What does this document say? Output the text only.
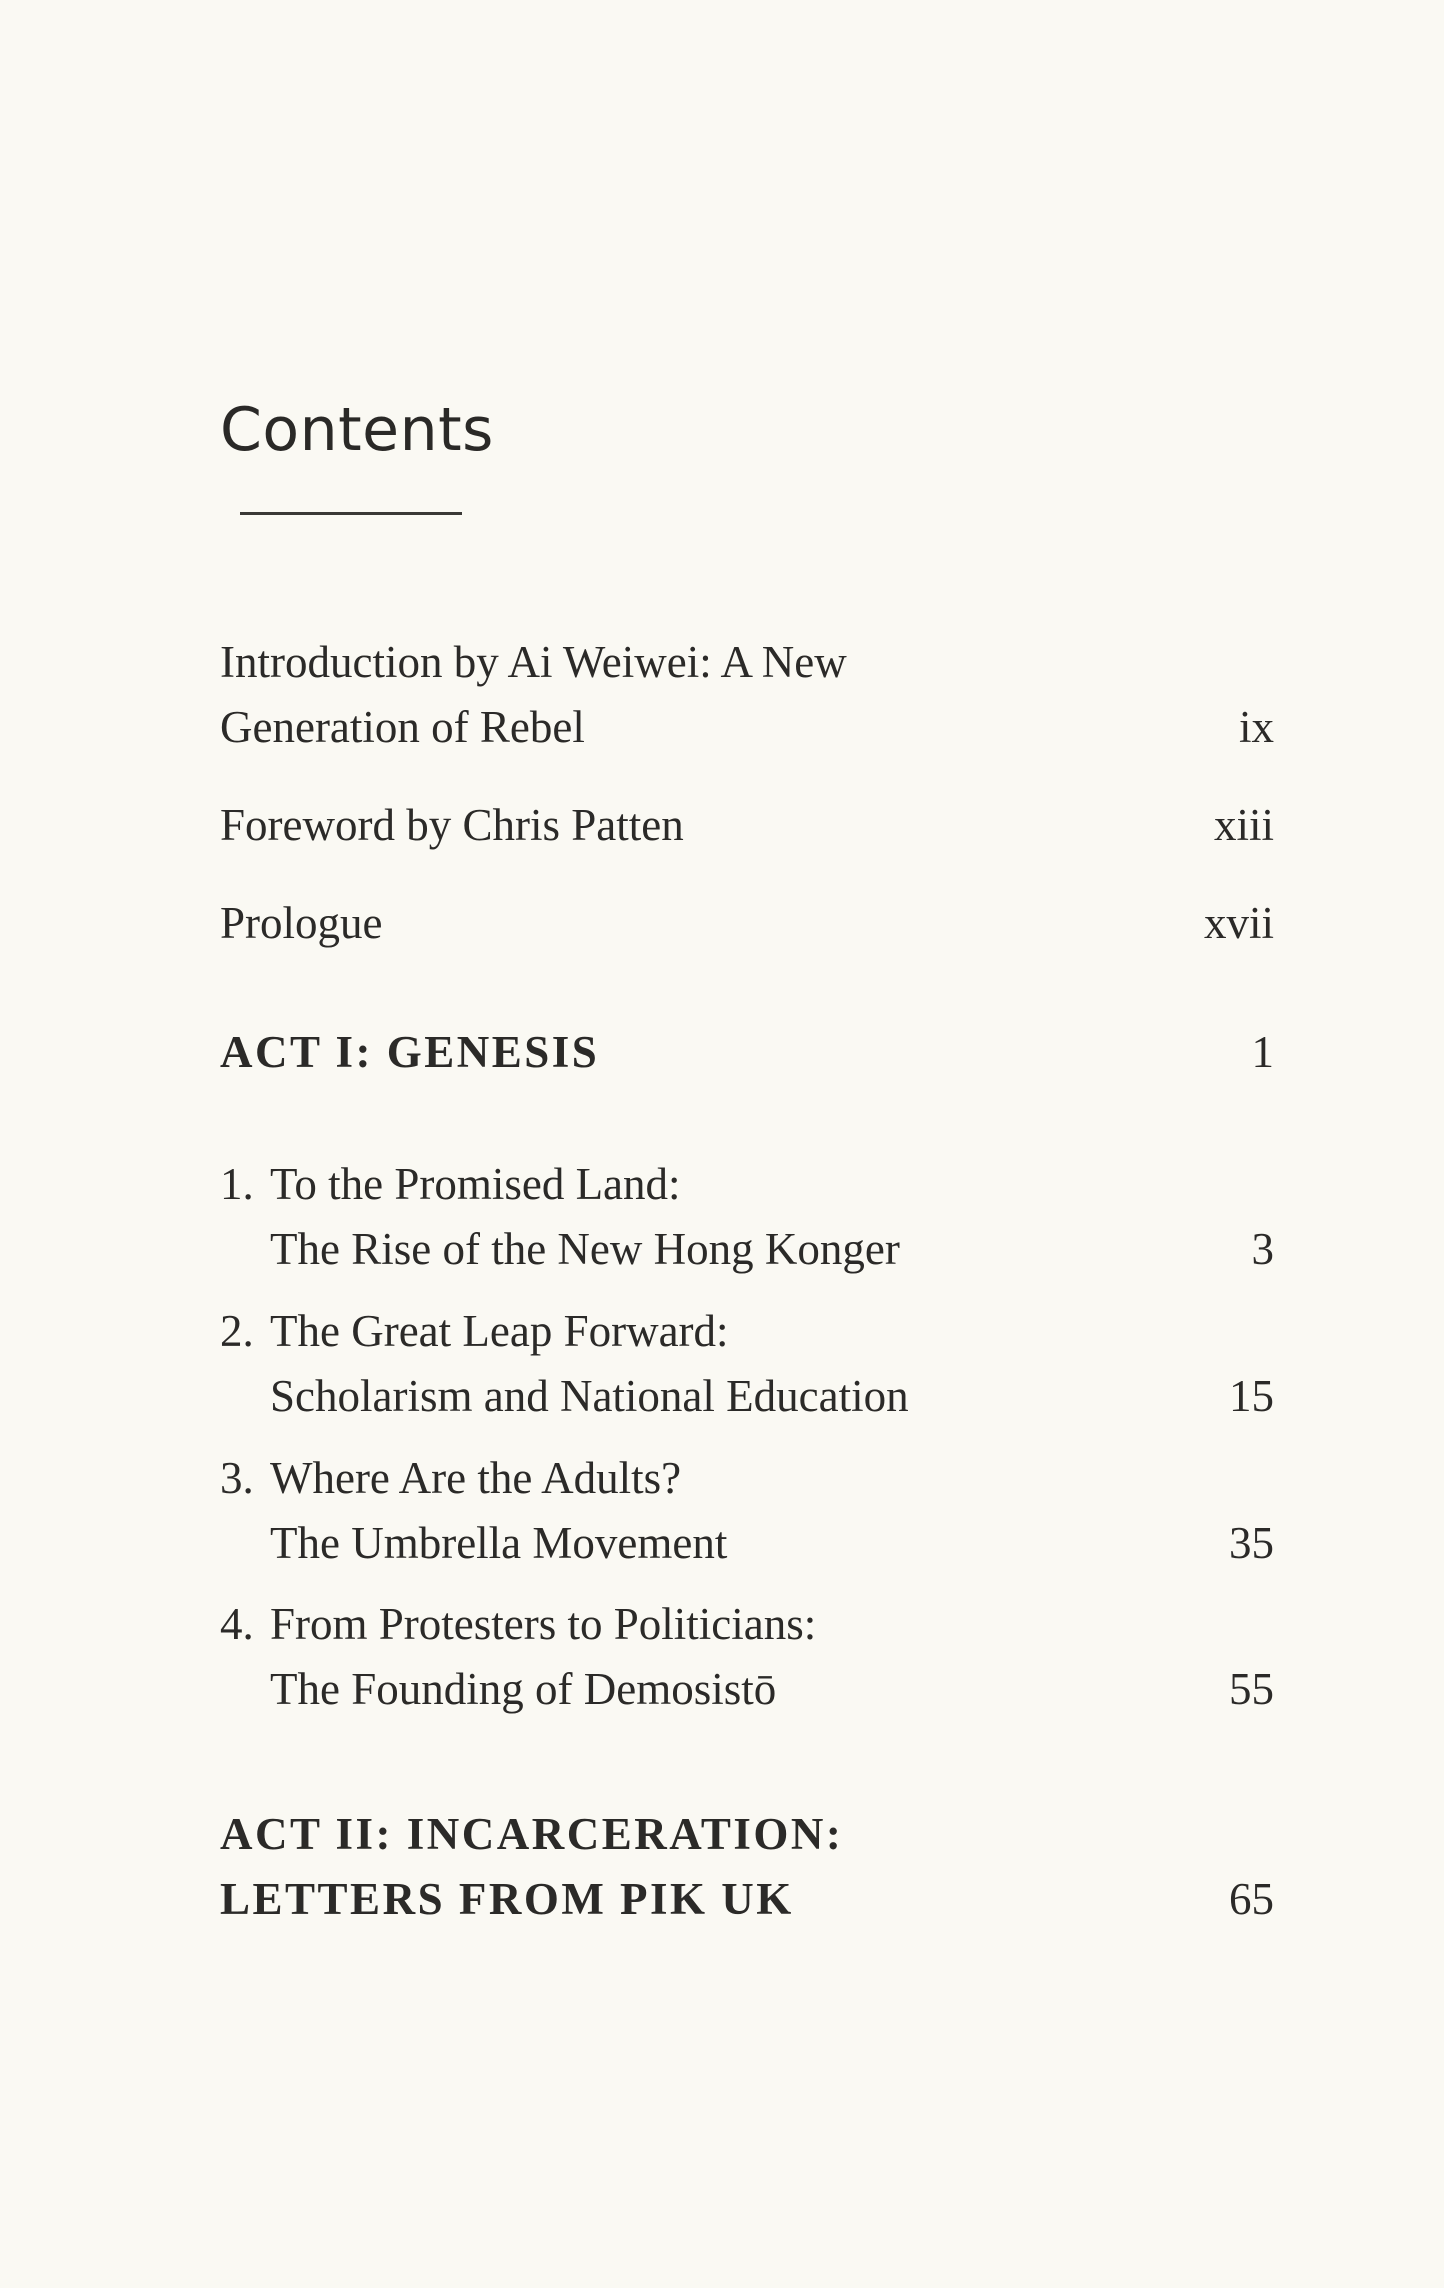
Contents
Introduction by Ai Weiwei: A New
Generation of Rebel	ix
Foreword by Chris Patten	xiii
Prologue	xvii
ACT I: GENESIS	1
1. To the Promised Land:
The Rise of the New Hong Konger	3
2. The Great Leap Forward:
Scholarism and National Education	15
3. Where Are the Adults?
The Umbrella Movement	35
4. From Protesters to Politicians:
The Founding of Demosistō	55
ACT II: INCARCERATION:
LETTERS FROM PIK UK	65
